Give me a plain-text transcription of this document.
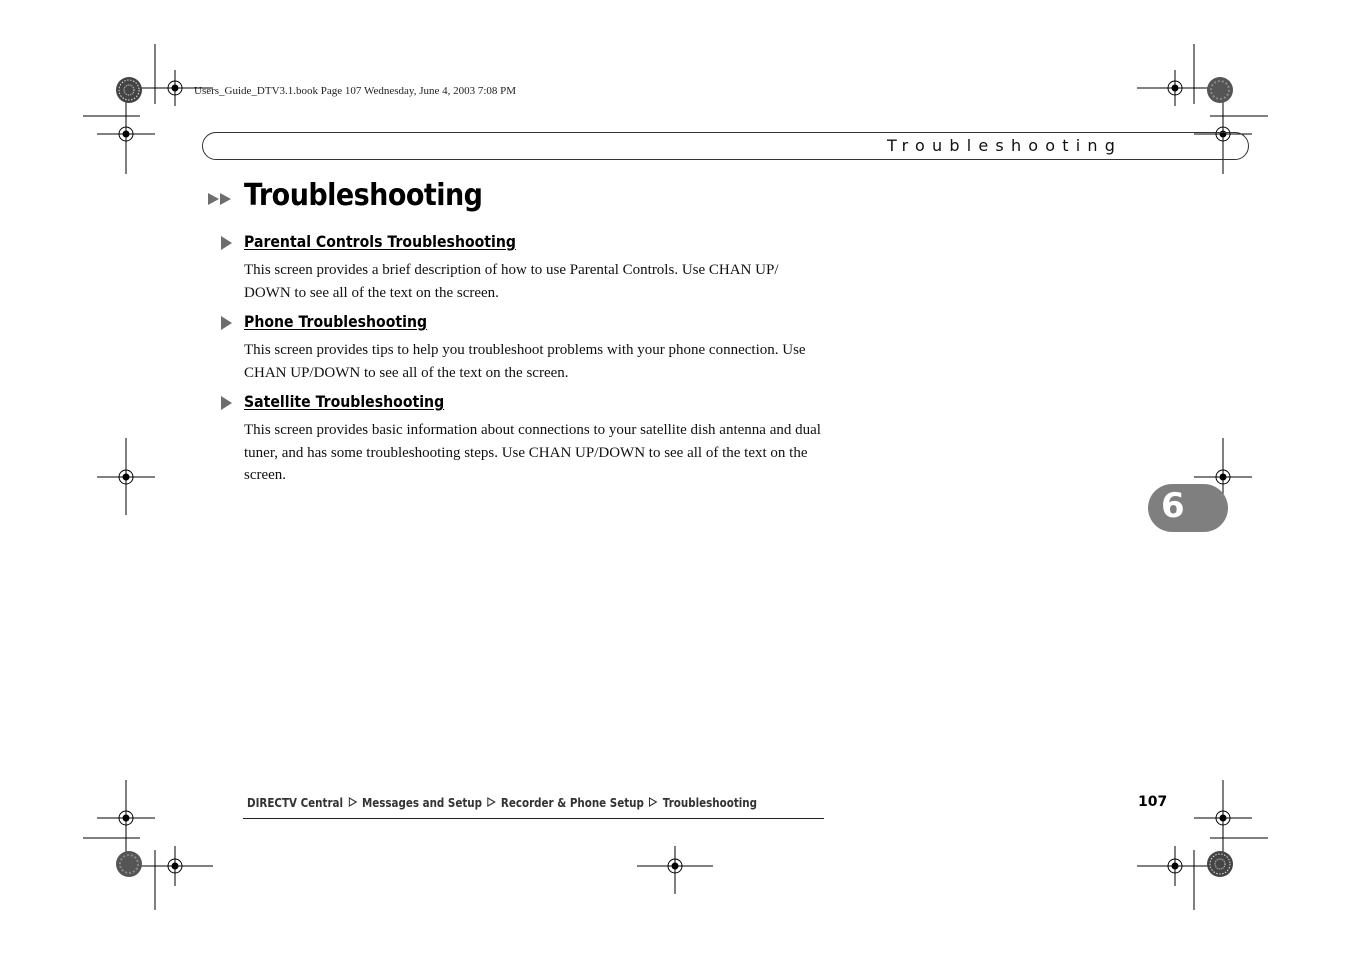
Users_Guide_DTV3.1.book Page 107 Wednesday, June 4, 2003 7:08 PM
Troubleshooting
Troubleshooting
Parental Controls Troubleshooting

This screen provides a brief description of how to use Parental Controls. Use CHAN UP/ DOWN to see all of the text on the screen.

Phone Troubleshooting

This screen provides tips to help you troubleshoot problems with your phone connection. Use CHAN UP/DOWN to see all of the text on the screen.

Satellite Troubleshooting

This screen provides basic information about connections to your satellite dish antenna and dual tuner, and has some troubleshooting steps. Use CHAN UP/DOWN to see all of the text on the screen.

6
DIRECTV Central Messages and Setup Recorder & Phone Setup Troubleshooting	107
